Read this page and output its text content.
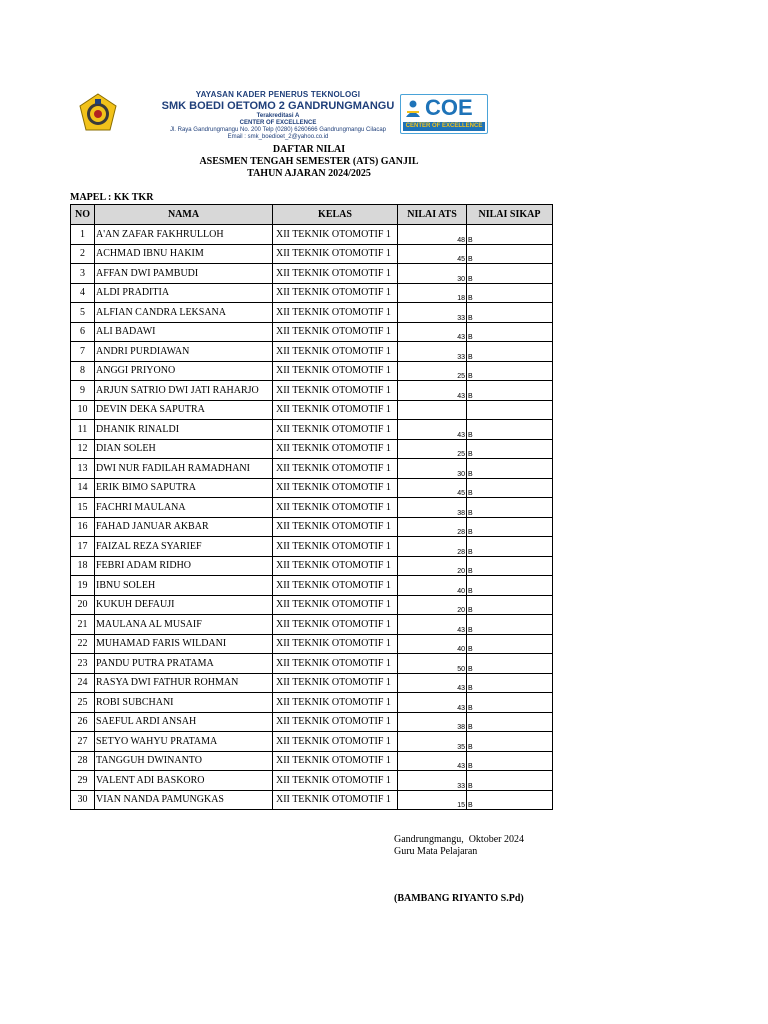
YAYASAN KADER PENERUS TEKNOLOGI
SMK BOEDI OETOMO 2 GANDRUNGMANGU
Terakreditasi A
CENTER OF EXCELLENCE
Jl. Raya Gandrungmangu No. 200 Telp (0280) 6260666 Gandrungmangu Cilacap
Email : smk_boedioet_2@yahoo.co.id
COE
CENTER OF EXCELLENCE
DAFTAR NILAI
ASESMEN TENGAH SEMESTER (ATS) GANJIL
TAHUN AJARAN 2024/2025
MAPEL : KK TKR
NO	NAMA	KELAS	NILAI ATS	NILAI SIKAP
1	A'AN ZAFAR FAKHRULLOH	XII TEKNIK OTOMOTIF 1	48	B
2	ACHMAD IBNU HAKIM	XII TEKNIK OTOMOTIF 1	45	B
3	AFFAN DWI PAMBUDI	XII TEKNIK OTOMOTIF 1	30	B
4	ALDI PRADITIA	XII TEKNIK OTOMOTIF 1	18	B
5	ALFIAN CANDRA LEKSANA	XII TEKNIK OTOMOTIF 1	33	B
6	ALI BADAWI	XII TEKNIK OTOMOTIF 1	43	B
7	ANDRI PURDIAWAN	XII TEKNIK OTOMOTIF 1	33	B
8	ANGGI PRIYONO	XII TEKNIK OTOMOTIF 1	25	B
9	ARJUN SATRIO DWI JATI RAHARJO	XII TEKNIK OTOMOTIF 1	43	B
10	DEVIN DEKA SAPUTRA	XII TEKNIK OTOMOTIF 1		
11	DHANIK RINALDI	XII TEKNIK OTOMOTIF 1	43	B
12	DIAN SOLEH	XII TEKNIK OTOMOTIF 1	25	B
13	DWI NUR FADILAH RAMADHANI	XII TEKNIK OTOMOTIF 1	30	B
14	ERIK BIMO SAPUTRA	XII TEKNIK OTOMOTIF 1	45	B
15	FACHRI MAULANA	XII TEKNIK OTOMOTIF 1	38	B
16	FAHAD JANUAR AKBAR	XII TEKNIK OTOMOTIF 1	28	B
17	FAIZAL REZA SYARIEF	XII TEKNIK OTOMOTIF 1	28	B
18	FEBRI ADAM RIDHO	XII TEKNIK OTOMOTIF 1	20	B
19	IBNU SOLEH	XII TEKNIK OTOMOTIF 1	40	B
20	KUKUH DEFAUJI	XII TEKNIK OTOMOTIF 1	20	B
21	MAULANA AL MUSAIF	XII TEKNIK OTOMOTIF 1	43	B
22	MUHAMAD FARIS WILDANI	XII TEKNIK OTOMOTIF 1	40	B
23	PANDU PUTRA PRATAMA	XII TEKNIK OTOMOTIF 1	50	B
24	RASYA DWI FATHUR ROHMAN	XII TEKNIK OTOMOTIF 1	43	B
25	ROBI SUBCHANI	XII TEKNIK OTOMOTIF 1	43	B
26	SAEFUL ARDI ANSAH	XII TEKNIK OTOMOTIF 1	38	B
27	SETYO WAHYU PRATAMA	XII TEKNIK OTOMOTIF 1	35	B
28	TANGGUH DWINANTO	XII TEKNIK OTOMOTIF 1	43	B
29	VALENT ADI BASKORO	XII TEKNIK OTOMOTIF 1	33	B
30	VIAN NANDA PAMUNGKAS	XII TEKNIK OTOMOTIF 1	15	B
Gandrungmangu,  Oktober 2024
Guru Mata Pelajaran
(BAMBANG RIYANTO S.Pd)
